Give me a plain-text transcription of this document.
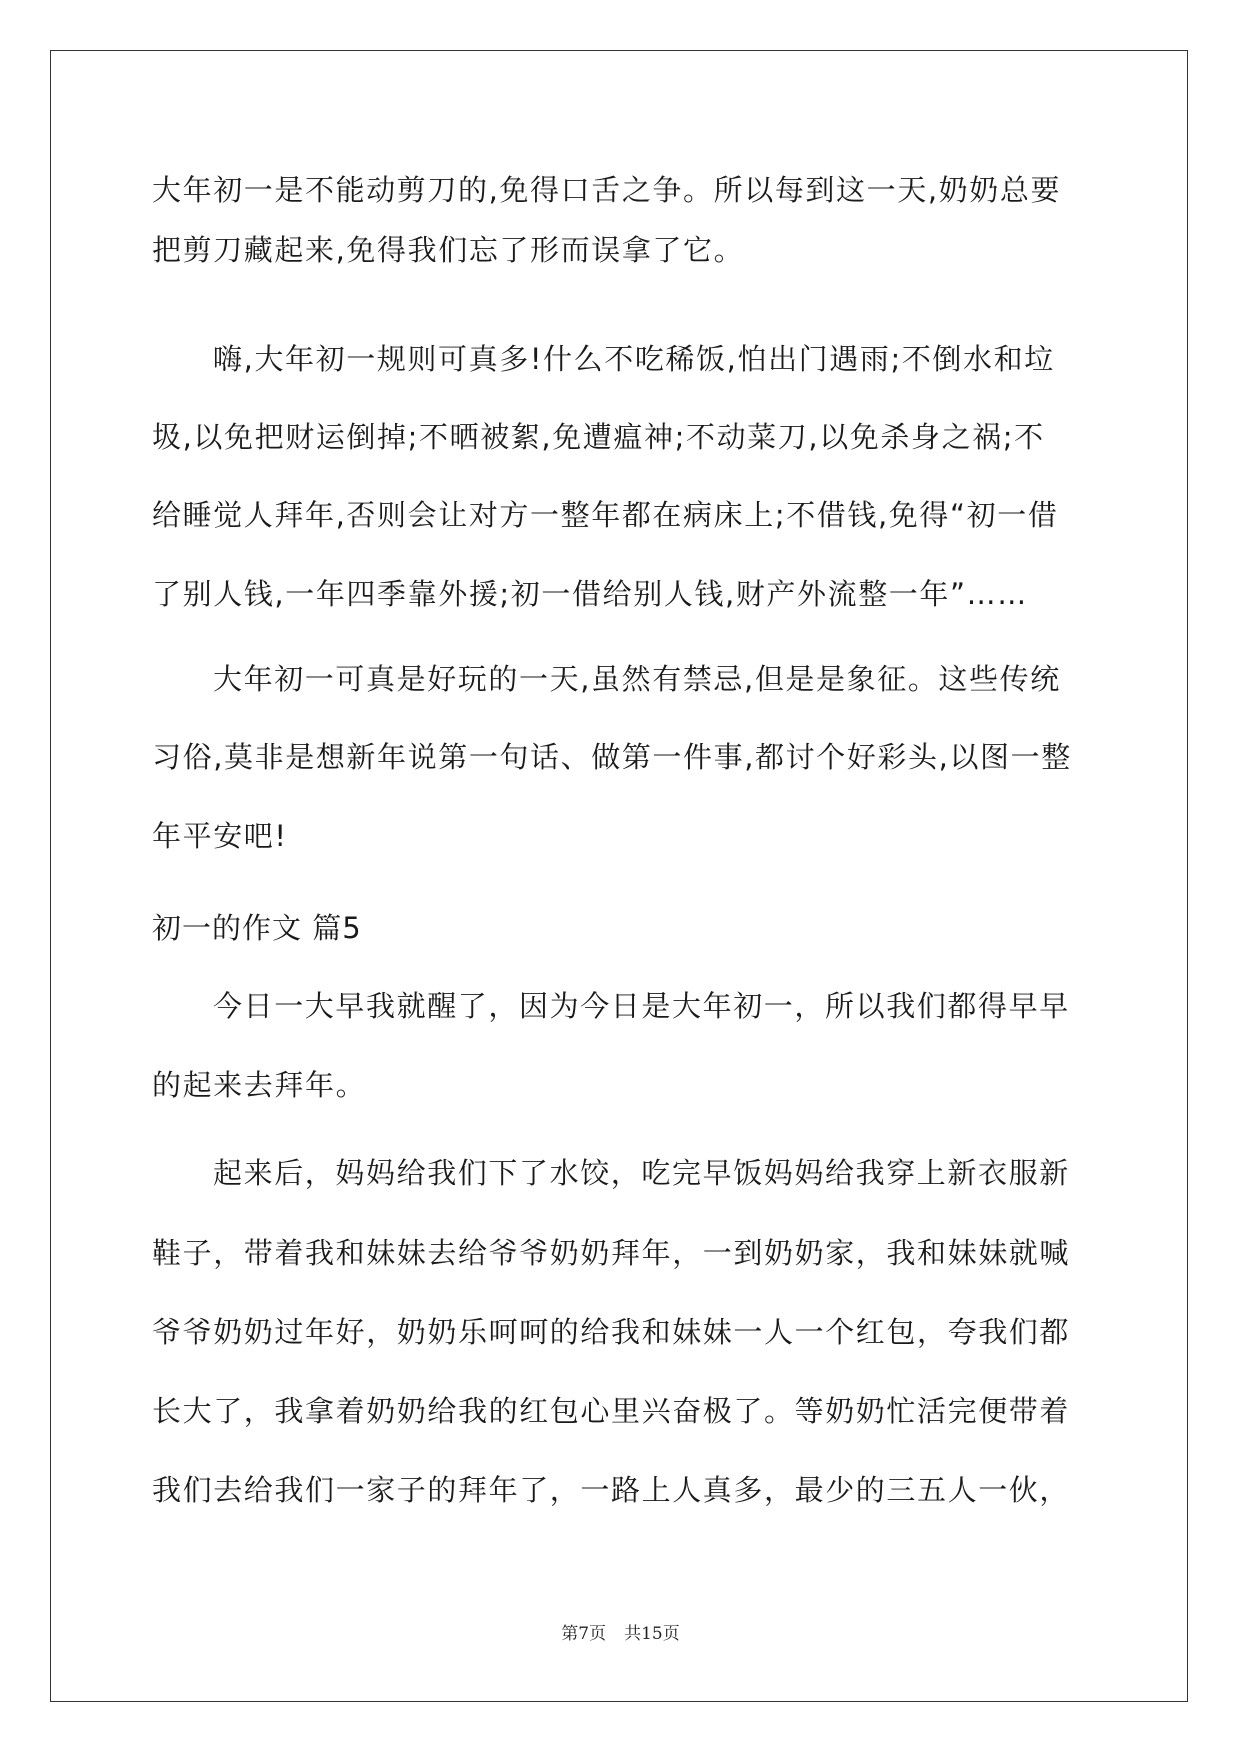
大年初一是不能动剪刀的,免得口舌之争。所以每到这一天,奶奶总要
把剪刀藏起来,免得我们忘了形而误拿了它。
嗨,大年初一规则可真多!什么不吃稀饭,怕出门遇雨;不倒水和垃
圾,以免把财运倒掉;不晒被絮,免遭瘟神;不动菜刀,以免杀身之祸;不
给睡觉人拜年,否则会让对方一整年都在病床上;不借钱,免得“初一借
了别人钱,一年四季靠外援;初一借给别人钱,财产外流整一年”……
大年初一可真是好玩的一天,虽然有禁忌,但是是象征。这些传统
习俗,莫非是想新年说第一句话、做第一件事,都讨个好彩头,以图一整
年平安吧!
初一的作文 篇5
今日一大早我就醒了，因为今日是大年初一，所以我们都得早早
的起来去拜年。
起来后，妈妈给我们下了水饺，吃完早饭妈妈给我穿上新衣服新
鞋子，带着我和妹妹去给爷爷奶奶拜年，一到奶奶家，我和妹妹就喊
爷爷奶奶过年好，奶奶乐呵呵的给我和妹妹一人一个红包，夸我们都
长大了，我拿着奶奶给我的红包心里兴奋极了。等奶奶忙活完便带着
我们去给我们一家子的拜年了，一路上人真多，最少的三五人一伙，
第7页 共15页
